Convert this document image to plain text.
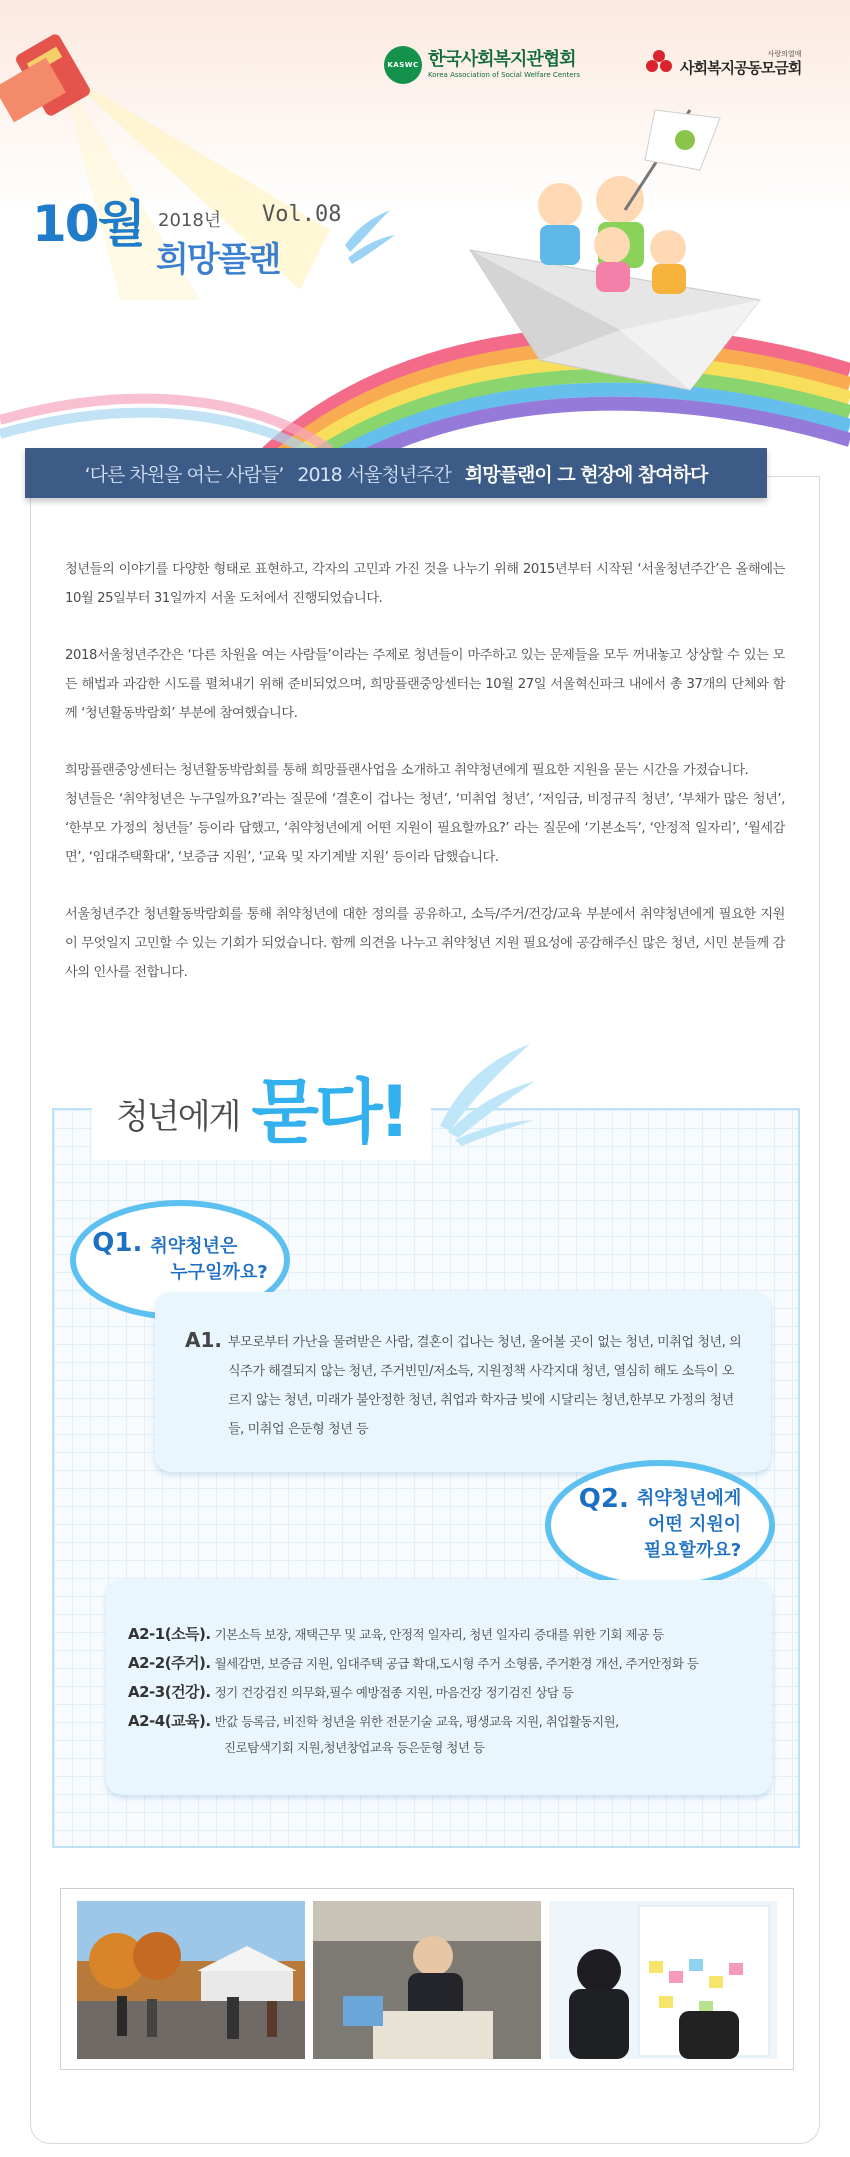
KASWC 한국사회복지관협회
Korea Association of Social Welfare Centers
사랑의열매
사회복지공동모금회
10월 2018년 Vol.08
희망플랜
‘다른 차원을 여는 사람들’ 2018 서울청년주간 희망플랜이 그 현장에 참여하다

청년들의 이야기를 다양한 형태로 표현하고, 각자의 고민과 가진 것을 나누기 위해 2015년부터 시작된 ‘서울청년주간’은 올해에는 10월 25일부터 31일까지 서울 도처에서 진행되었습니다.

2018서울청년주간은 ‘다른 차원을 여는 사람들’이라는 주제로 청년들이 마주하고 있는 문제들을 모두 꺼내놓고 상상할 수 있는 모든 해법과 과감한 시도를 펼쳐내기 위해 준비되었으며, 희망플랜중앙센터는 10월 27일 서울혁신파크 내에서 총 37개의 단체와 함께 ‘청년활동박람회’ 부분에 참여했습니다.

희망플랜중앙센터는 청년활동박람회를 통해 희망플랜사업을 소개하고 취약청년에게 필요한 지원을 묻는 시간을 가졌습니다.
청년들은 ‘취약청년은 누구일까요?’라는 질문에 ‘결혼이 겁나는 청년’, ‘미취업 청년’, ‘저임금, 비정규직 청년’, ‘부채가 많은 청년’, ‘한부모 가정의 청년들’ 등이라 답했고, ‘취약청년에게 어떤 지원이 필요할까요?’ 라는 질문에 ‘기본소득’, ‘안정적 일자리’, ‘월세감면’, ‘임대주택확대’, ‘보증금 지원’, ‘교육 및 자기계발 지원’ 등이라 답했습니다.

서울청년주간 청년활동박람회를 통해 취약청년에 대한 정의를 공유하고, 소득/주거/건강/교육 부분에서 취약청년에게 필요한 지원이 무엇일지 고민할 수 있는 기회가 되었습니다. 함께 의견을 나누고 취약청년 지원 필요성에 공감해주신 많은 청년, 시민 분들께 감사의 인사를 전합니다.

청년에게 묻다!
Q1. 취약청년은
누구일까요?
A1. 부모로부터 가난을 물려받은 사람, 결혼이 겁나는 청년, 울어볼 곳이 없는 청년, 미취업 청년, 의식주가 해결되지 않는 청년, 주거빈민/저소득, 지원정책 사각지대 청년, 열심히 해도 소득이 오르지 않는 청년, 미래가 불안정한 청년, 취업과 학자금 빚에 시달리는 청년,한부모 가정의 청년들, 미취업 은둔형 청년 등
Q2. 취약청년에게
어떤 지원이
필요할까요?
A2-1(소득). 기본소득 보장, 재택근무 및 교육, 안정적 일자리, 청년 일자리 증대를 위한 기회 제공 등
A2-2(주거). 월세감면, 보증금 지원, 임대주택 공급 확대,도시형 주거 소형룸, 주거환경 개선, 주거안정화 등
A2-3(건강). 정기 건강검진 의무화,필수 예방접종 지원, 마음건강 정기검진 상담 등
A2-4(교육). 반값 등록금, 비진학 청년을 위한 전문기술 교육, 평생교육 지원, 취업활동지원,
진로탐색기회 지원,청년창업교육 등은둔형 청년 등
